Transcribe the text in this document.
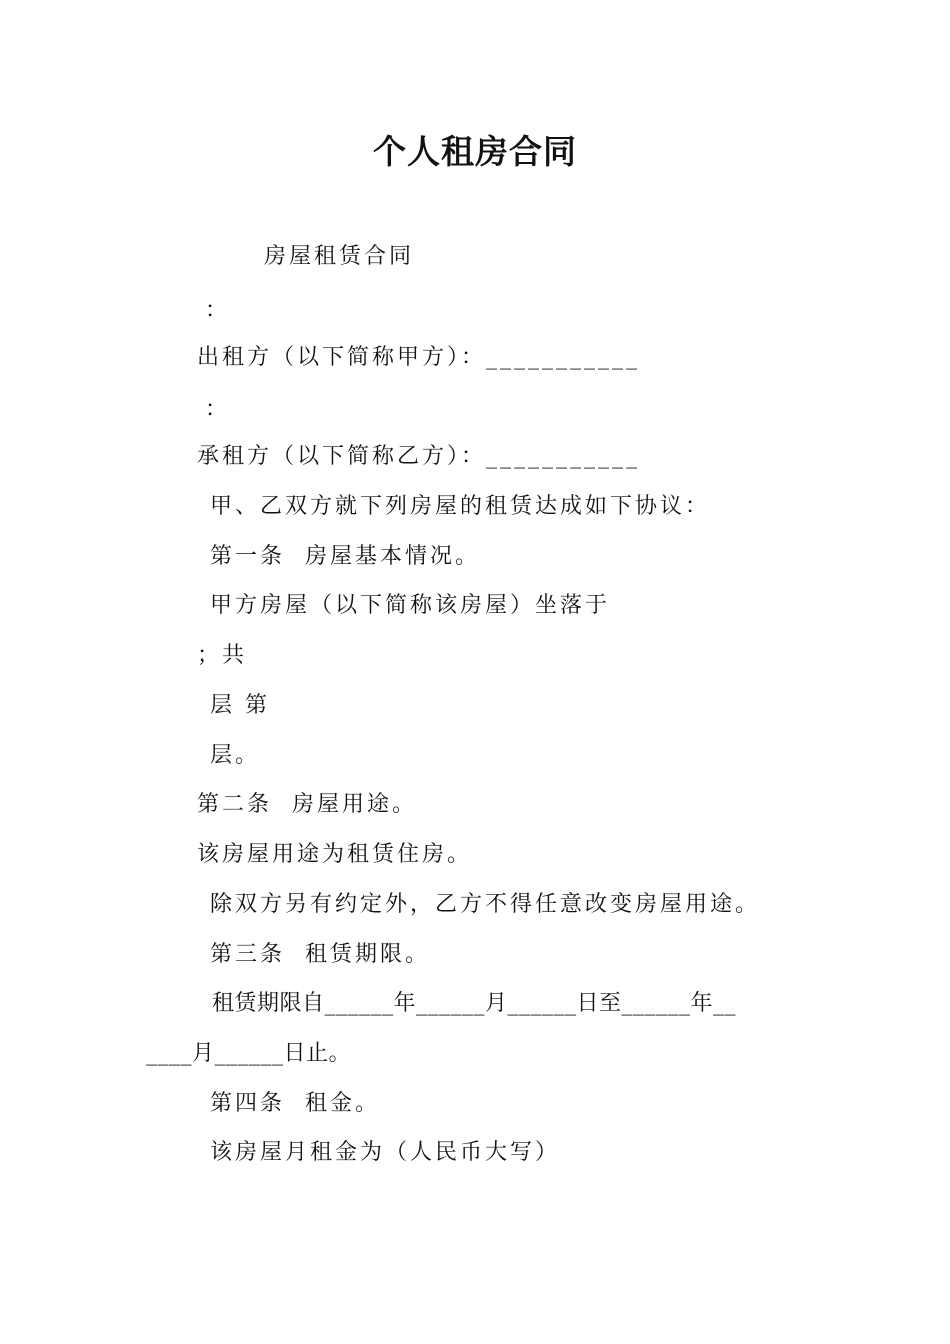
个人租房合同
房屋租赁合同
：
出租方（以下简称甲方）：___________
：
承租方（以下简称乙方）：___________
甲、乙双方就下列房屋的租赁达成如下协议：
第一条  房屋基本情况。
甲方房屋（以下简称该房屋）坐落于
；共
层 第
层。
第二条  房屋用途。
该房屋用途为租赁住房。
除双方另有约定外，乙方不得任意改变房屋用途。
第三条  租赁期限。
租赁期限自______年______月______日至______年__
____月______日止。
第四条  租金。
该房屋月租金为（人民币大写）
